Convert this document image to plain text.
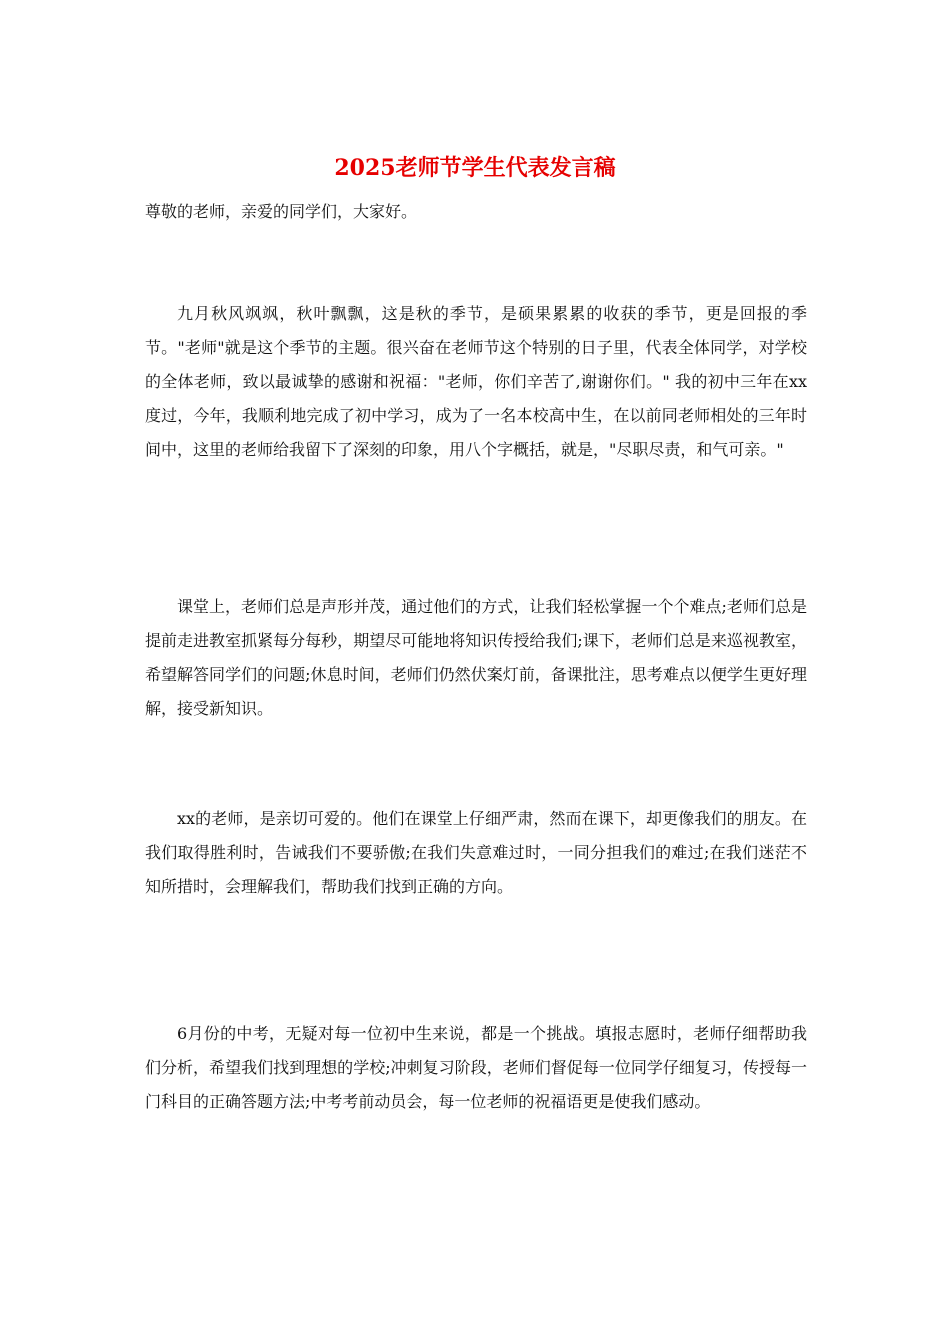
2025老师节学生代表发言稿

尊敬的老师，亲爱的同学们，大家好。

九月秋风飒飒，秋叶飘飘，这是秋的季节，是硕果累累的收获的季节，更是回报的季节。"老师"就是这个季节的主题。很兴奋在老师节这个特别的日子里，代表全体同学，对学校的全体老师，致以最诚挚的感谢和祝福："老师，你们辛苦了,谢谢你们。" 我的初中三年在xx度过，今年，我顺利地完成了初中学习，成为了一名本校高中生，在以前同老师相处的三年时间中，这里的老师给我留下了深刻的印象，用八个字概括，就是，"尽职尽责，和气可亲。"

课堂上，老师们总是声形并茂，通过他们的方式，让我们轻松掌握一个个难点;老师们总是提前走进教室抓紧每分每秒，期望尽可能地将知识传授给我们;课下，老师们总是来巡视教室，希望解答同学们的问题;休息时间，老师们仍然伏案灯前，备课批注，思考难点以便学生更好理解，接受新知识。

xx的老师，是亲切可爱的。他们在课堂上仔细严肃，然而在课下，却更像我们的朋友。在我们取得胜利时，告诫我们不要骄傲;在我们失意难过时，一同分担我们的难过;在我们迷茫不知所措时，会理解我们，帮助我们找到正确的方向。

6月份的中考，无疑对每一位初中生来说，都是一个挑战。填报志愿时，老师仔细帮助我们分析，希望我们找到理想的学校;冲刺复习阶段，老师们督促每一位同学仔细复习，传授每一门科目的正确答题方法;中考考前动员会，每一位老师的祝福语更是使我们感动。
